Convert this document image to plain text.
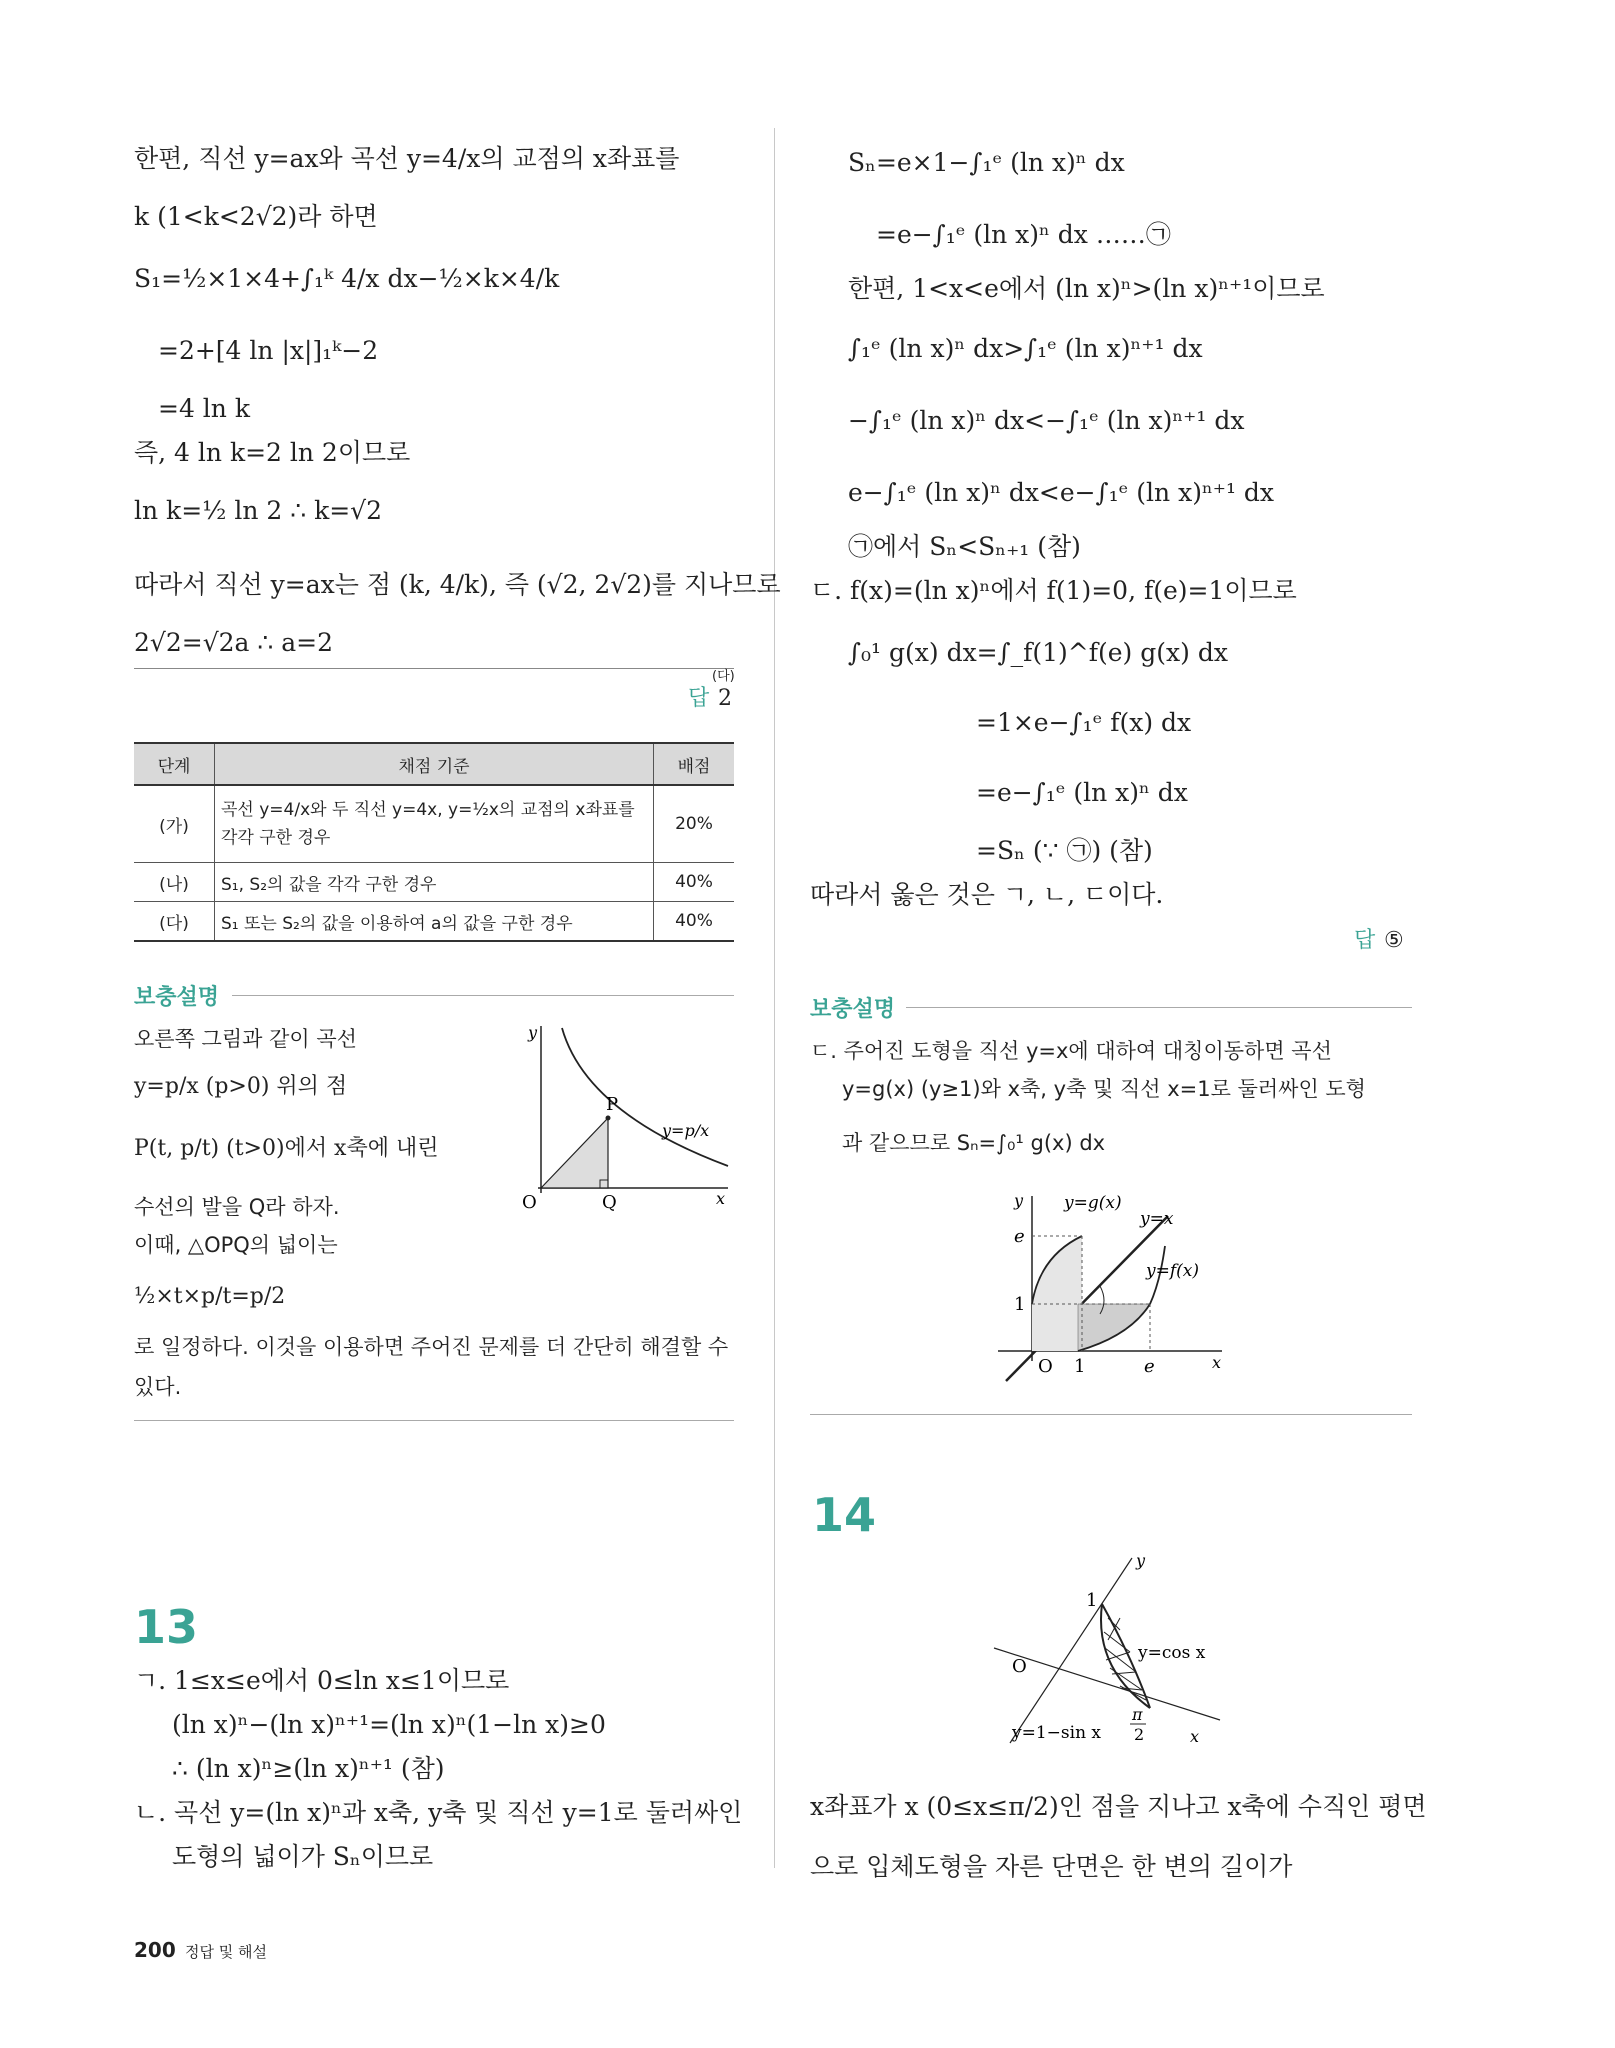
한편, 직선 y=ax와 곡선 y=4/x의 교점의 x좌표를
k (1<k<2√2)라 하면
S₁=½×1×4+∫₁ᵏ 4/x dx−½×k×4/k
=2+[4 ln |x|]₁ᵏ−2
=4 ln k
즉, 4 ln k=2 ln 2이므로
ln k=½ ln 2 ∴ k=√2
따라서 직선 y=ax는 점 (k, 4/k), 즉 (√2, 2√2)를 지나므로
2√2=√2a ∴ a=2
(다)
답 2
단계	채점 기준	배점
(가)	곡선 y=4/x와 두 직선 y=4x, y=½x의 교점의 x좌표를 각각 구한 경우	20%
(나)	S₁, S₂의 값을 각각 구한 경우	40%
(다)	S₁ 또는 S₂의 값을 이용하여 a의 값을 구한 경우	40%
보충설명
오른쪽 그림과 같이 곡선
y=p/x (p>0) 위의 점
P(t, p/t) (t>0)에서 x축에 내린
수선의 발을 Q라 하자.
이때, △OPQ의 넓이는
½×t×p/t=p/2
로 일정하다. 이것을 이용하면 주어진 문제를 더 간단히 해결할 수
있다.
y
x
O	Q
P
y=p/x
13
ㄱ. 1≤x≤e에서 0≤ln x≤1이므로
(ln x)ⁿ−(ln x)ⁿ⁺¹=(ln x)ⁿ(1−ln x)≥0
∴ (ln x)ⁿ≥(ln x)ⁿ⁺¹ (참)
ㄴ. 곡선 y=(ln x)ⁿ과 x축, y축 및 직선 y=1로 둘러싸인
도형의 넓이가 Sₙ이므로
Sₙ=e×1−∫₁ᵉ (ln x)ⁿ dx
=e−∫₁ᵉ (ln x)ⁿ dx ……㉠
한편, 1<x<e에서 (ln x)ⁿ>(ln x)ⁿ⁺¹이므로
∫₁ᵉ (ln x)ⁿ dx>∫₁ᵉ (ln x)ⁿ⁺¹ dx
−∫₁ᵉ (ln x)ⁿ dx<−∫₁ᵉ (ln x)ⁿ⁺¹ dx
e−∫₁ᵉ (ln x)ⁿ dx<e−∫₁ᵉ (ln x)ⁿ⁺¹ dx
㉠에서 Sₙ<Sₙ₊₁ (참)
ㄷ. f(x)=(ln x)ⁿ에서 f(1)=0, f(e)=1이므로
∫₀¹ g(x) dx=∫_f(1)^f(e) g(x) dx
=1×e−∫₁ᵉ f(x) dx
=e−∫₁ᵉ (ln x)ⁿ dx
=Sₙ (∵ ㉠) (참)
따라서 옳은 것은 ㄱ, ㄴ, ㄷ이다.
답 ⑤
보충설명
ㄷ. 주어진 도형을 직선 y=x에 대하여 대칭이동하면 곡선
y=g(x) (y≥1)와 x축, y축 및 직선 x=1로 둘러싸인 도형
과 같으므로 Sₙ=∫₀¹ g(x) dx
y
x
O 1	e
1
e
y=g(x)
y=x
y=f(x)
14
y
x
O
1
π
2
y=cos x
y=1−sin x
x좌표가 x (0≤x≤π/2)인 점을 지나고 x축에 수직인 평면
으로 입체도형을 자른 단면은 한 변의 길이가
200 정답 및 해설
